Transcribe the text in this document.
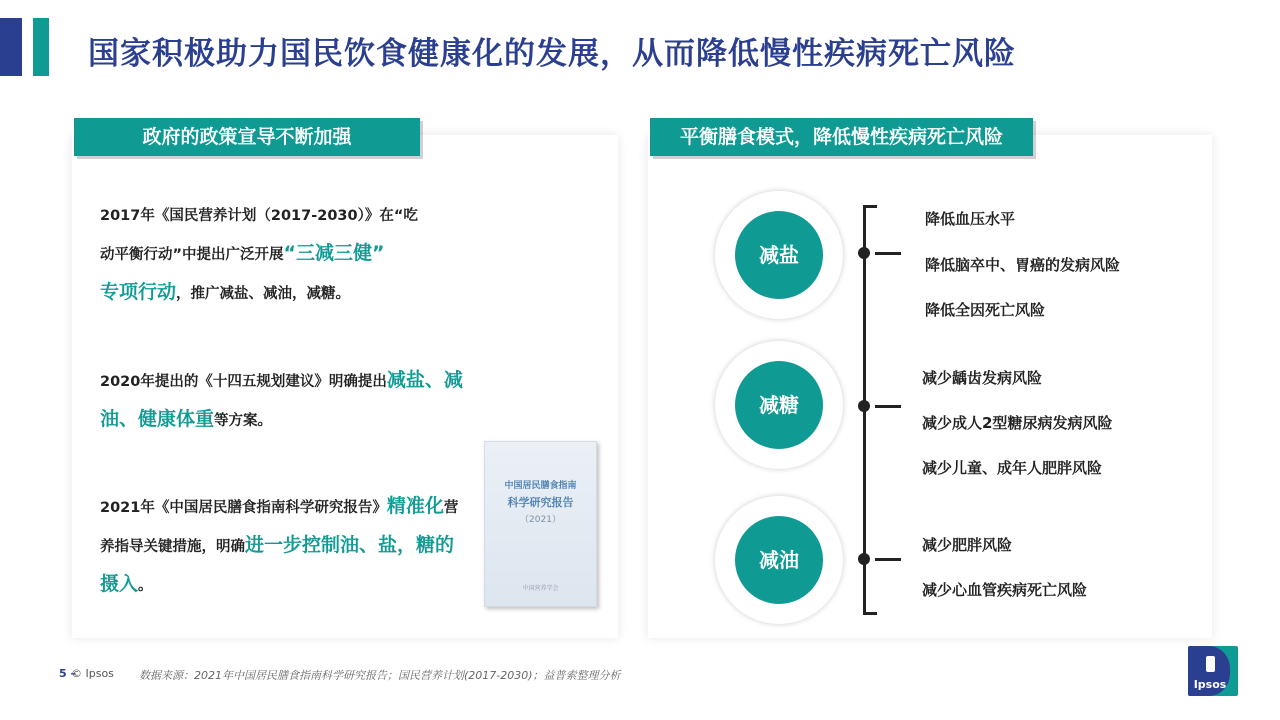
国家积极助力国民饮食健康化的发展，从而降低慢性疾病死亡风险
政府的政策宣导不断加强	平衡膳食模式，降低慢性疾病死亡风险
2017年《国民营养计划（2017-2030）》在“吃
动平衡行动”中提出广泛开展“三减三健”
专项行动，推广减盐、减油，减糖。
2020年提出的《十四五规划建议》明确提出减盐、减油、健康体重等方案。
2021年《中国居民膳食指南科学研究报告》精准化营养指导关键措施，明确进一步控制油、盐，糖的摄入。
中国居民膳食指南
科学研究报告
（2021）
中国营养学会
减盐
减糖
减油
降低血压水平
降低脑卒中、胃癌的发病风险
降低全因死亡风险
减少龋齿发病风险
减少成人2型糖尿病发病风险
减少儿童、成年人肥胖风险
减少肥胖风险
减少心血管疾病死亡风险
5 –
© Ipsos 数据来源：2021年中国居民膳食指南科学研究报告；国民营养计划(2017-2030)；益普索整理分析
Ipsos
